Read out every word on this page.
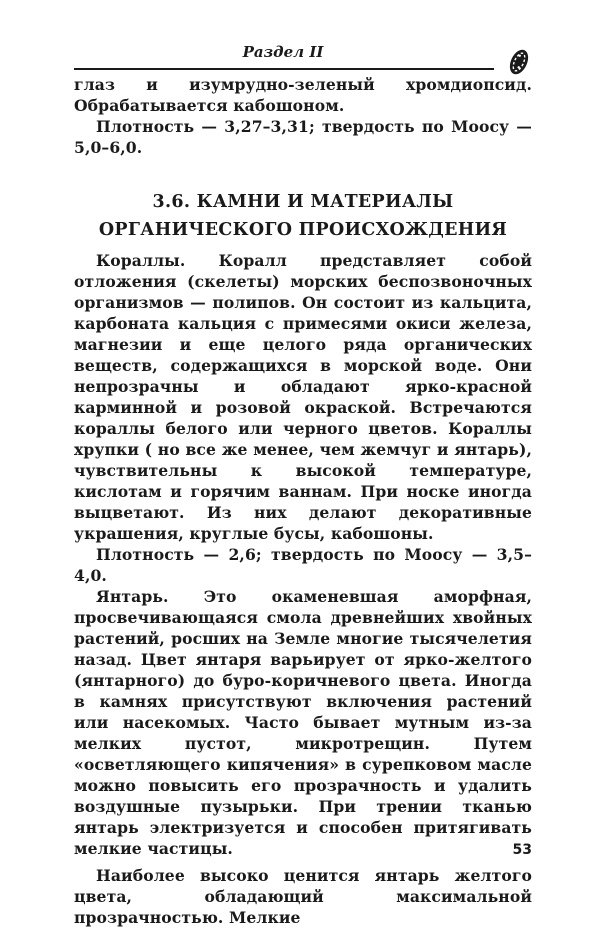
Раздел II

глаз и изумрудно-зеленый хромдиопсид. Обрабатывается кабошоном.

Плотность — 3,27–3,31; твердость по Моосу — 5,0–6,0.

3.6. КАМНИ И МАТЕРИАЛЫ
ОРГАНИЧЕСКОГО ПРОИСХОЖДЕНИЯ

Кораллы. Коралл представляет собой отложения (скелеты) морских беспозвоночных организмов — полипов. Он состоит из кальцита, карбоната кальция с примесями окиси железа, магнезии и еще целого ряда органических веществ, содержащихся в морской воде. Они непрозрачны и обладают ярко-красной карминной и розовой окраской. Встречаются кораллы белого или черного цветов. Кораллы хрупки ( но все же менее, чем жемчуг и янтарь), чувствительны к высокой температуре, кислотам и горячим ваннам. При носке иногда выцветают. Из них делают декоративные украшения, круглые бусы, кабошоны.

Плотность — 2,6; твердость по Моосу — 3,5–4,0.

Янтарь. Это окаменевшая аморфная, просвечивающаяся смола древнейших хвойных растений, росших на Земле многие тысячелетия назад. Цвет янтаря варьирует от ярко-желтого (янтарного) до буро-коричневого цвета. Иногда в камнях присутствуют включения растений или насекомых. Часто бывает мутным из-за мелких пустот, микротрещин. Путем «осветляющего кипячения» в сурепковом масле можно повысить его прозрачность и удалить воздушные пузырьки. При трении тканью янтарь электризуется и способен притягивать мелкие частицы.

Наиболее высоко ценится янтарь желтого цвета, обладающий максимальной прозрачностью. Мелкие

53
